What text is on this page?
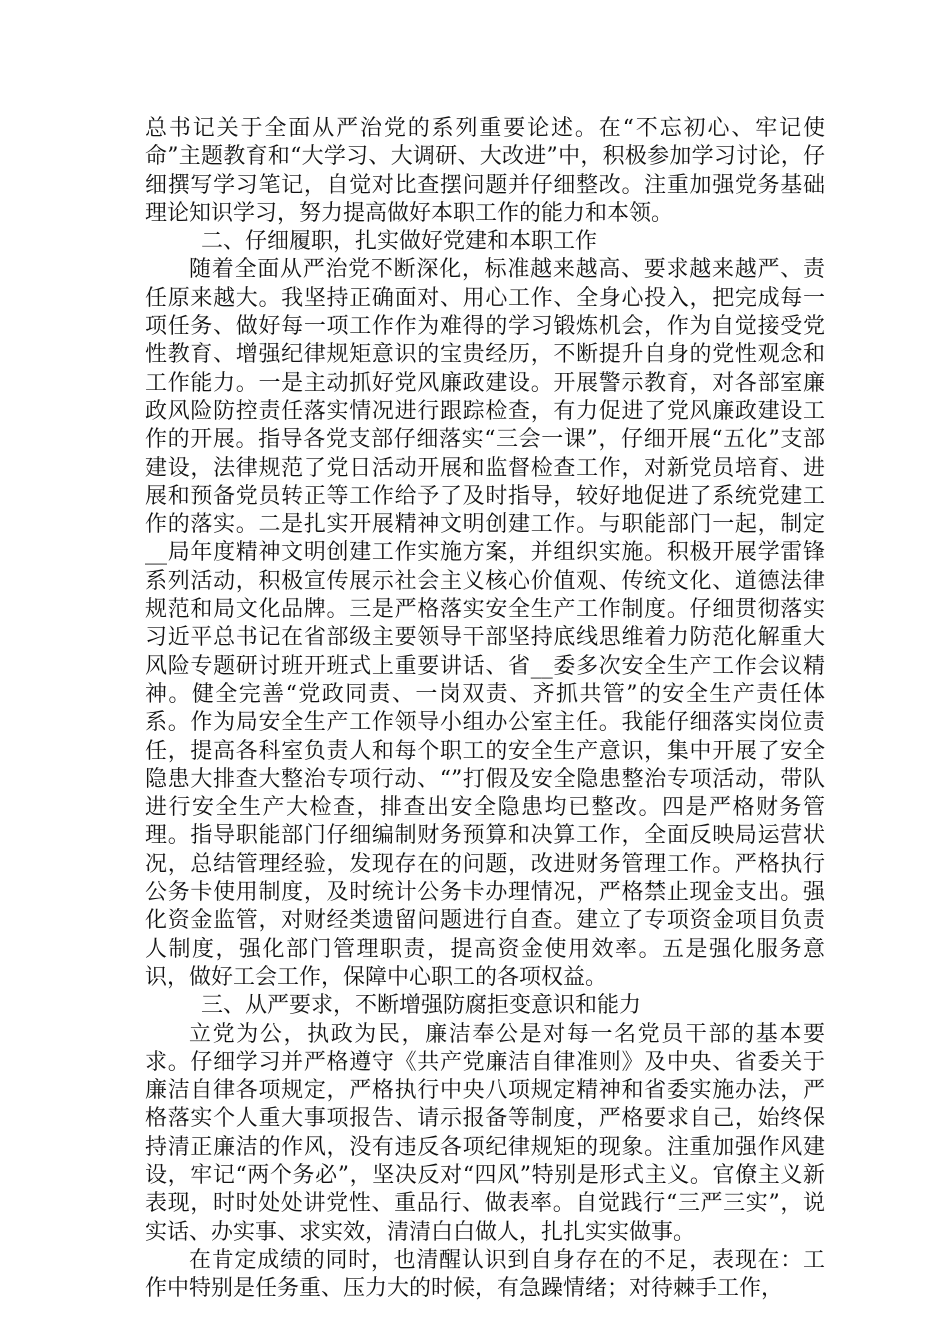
总书记关于全面从严治党的系列重要论述。在“不忘初心、牢记使命”主题教育和“大学习、大调研、大改进”中，积极参加学习讨论，仔细撰写学习笔记，自觉对比查摆问题并仔细整改。注重加强党务基础理论知识学习，努力提高做好本职工作的能力和本领。

二、仔细履职，扎实做好党建和本职工作

随着全面从严治党不断深化，标准越来越高、要求越来越严、责任原来越大。我坚持正确面对、用心工作、全身心投入，把完成每一项任务、做好每一项工作作为难得的学习锻炼机会，作为自觉接受党性教育、增强纪律规矩意识的宝贵经历，不断提升自身的党性观念和工作能力。一是主动抓好党风廉政建设。开展警示教育，对各部室廉政风险防控责任落实情况进行跟踪检查，有力促进了党风廉政建设工作的开展。指导各党支部仔细落实“三会一课”，仔细开展“五化”支部建设，法律规范了党日活动开展和监督检查工作，对新党员培育、进展和预备党员转正等工作给予了及时指导，较好地促进了系统党建工作的落实。二是扎实开展精神文明创建工作。与职能部门一起，制定__局年度精神文明创建工作实施方案，并组织实施。积极开展学雷锋系列活动，积极宣传展示社会主义核心价值观、传统文化、道德法律规范和局文化品牌。三是严格落实安全生产工作制度。仔细贯彻落实习近平总书记在省部级主要领导干部坚持底线思维着力防范化解重大风险专题研讨班开班式上重要讲话、省__委多次安全生产工作会议精神。健全完善“党政同责、一岗双责、齐抓共管”的安全生产责任体系。作为局安全生产工作领导小组办公室主任。我能仔细落实岗位责任，提高各科室负责人和每个职工的安全生产意识，集中开展了安全隐患大排查大整治专项行动、“”打假及安全隐患整治专项活动，带队进行安全生产大检查，排查出安全隐患均已整改。四是严格财务管理。指导职能部门仔细编制财务预算和决算工作，全面反映局运营状况，总结管理经验，发现存在的问题，改进财务管理工作。严格执行公务卡使用制度，及时统计公务卡办理情况，严格禁止现金支出。强化资金监管，对财经类遗留问题进行自查。建立了专项资金项目负责人制度，强化部门管理职责，提高资金使用效率。五是强化服务意识，做好工会工作，保障中心职工的各项权益。

三、从严要求，不断增强防腐拒变意识和能力

立党为公，执政为民，廉洁奉公是对每一名党员干部的基本要求。仔细学习并严格遵守《共产党廉洁自律准则》及中央、省委关于廉洁自律各项规定，严格执行中央八项规定精神和省委实施办法，严格落实个人重大事项报告、请示报备等制度，严格要求自己，始终保持清正廉洁的作风，没有违反各项纪律规矩的现象。注重加强作风建设，牢记“两个务必”，坚决反对“四风”特别是形式主义。官僚主义新表现，时时处处讲党性、重品行、做表率。自觉践行“三严三实”，说实话、办实事、求实效，清清白白做人，扎扎实实做事。

在肯定成绩的同时，也清醒认识到自身存在的不足，表现在：工作中特别是任务重、压力大的时候，有急躁情绪；对待棘手工作，
